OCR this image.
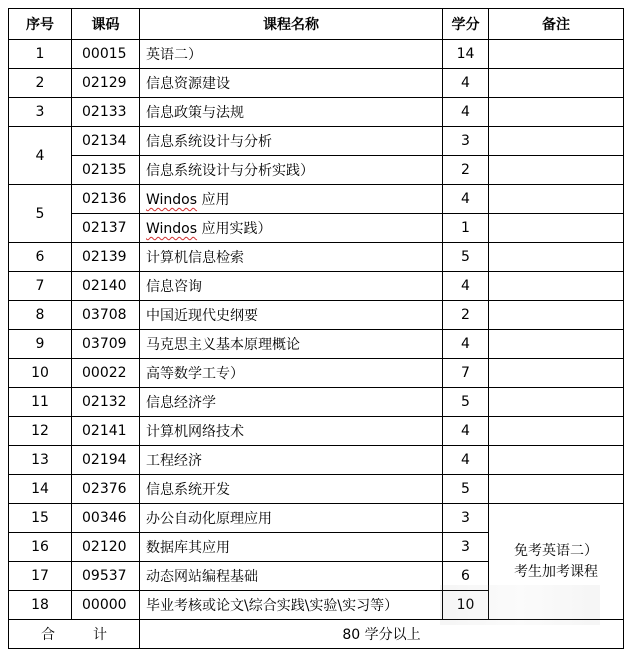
序号	课码	课程名称	学分	备注
1	00015	英语二）	14	
2	02129	信息资源建设	4	
3	02133	信息政策与法规	4	
4	02134	信息系统设计与分析	3	
	02135	信息系统设计与分析实践）	2	
5	02136	Windos 应用	4	
	02137	Windos 应用实践）	1	
6	02139	计算机信息检索	5	
7	02140	信息咨询	4	
8	03708	中国近现代史纲要	2	
9	03709	马克思主义基本原理概论	4	
10	00022	高等数学工专）	7	
11	02132	信息经济学	5	
12	02141	计算机网络技术	4	
13	02194	工程经济	4	
14	02376	信息系统开发	5	
15	00346	办公自动化原理应用	3	免考英语二）
考生加考课程

16	02120	数据库其应用	3	
17	09537	动态网站编程基础	6	
18	00000	毕业考核或论文\综合实践\实验\实习等）	10	
合 计		80 学分以上		
